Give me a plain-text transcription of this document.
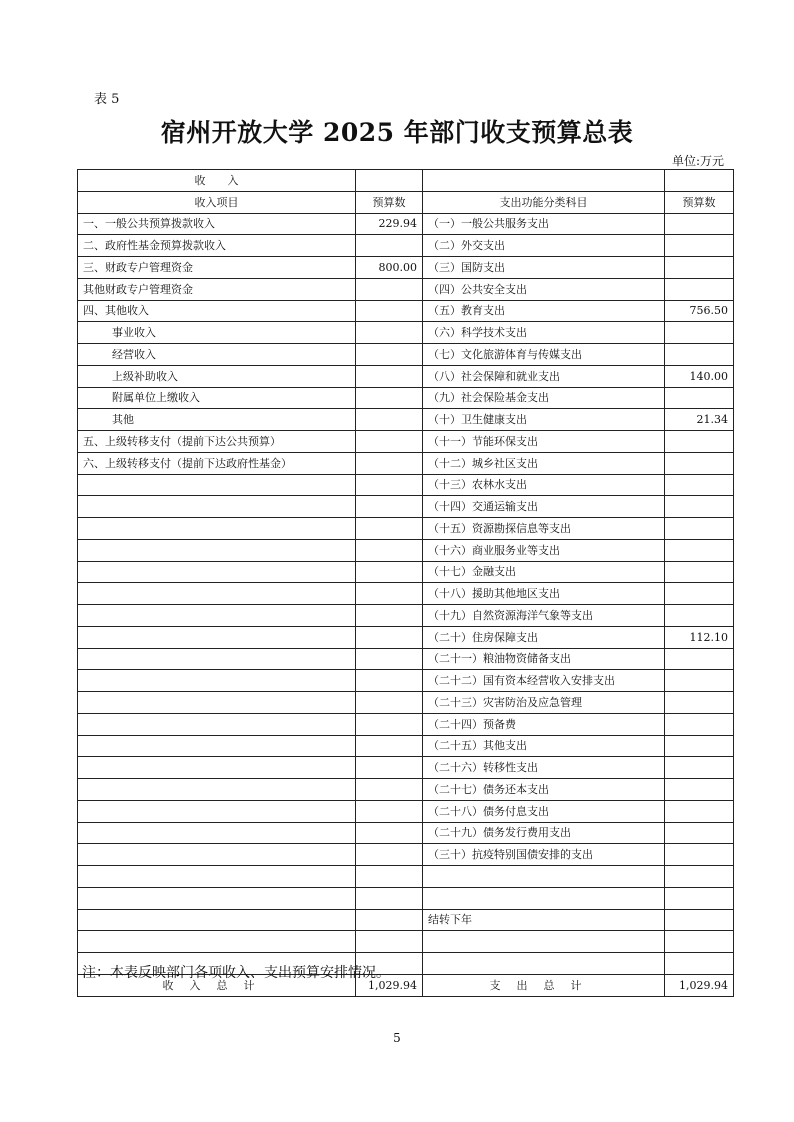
表 5
宿州开放大学 2025 年部门收支预算总表
单位:万元
收　　入			
收入项目	预算数	支出功能分类科目	预算数
一、一般公共预算拨款收入	229.94	（一）一般公共服务支出	
二、政府性基金预算拨款收入		（二）外交支出	
三、财政专户管理资金	800.00	（三）国防支出	
其他财政专户管理资金		（四）公共安全支出	
四、其他收入		（五）教育支出	756.50
事业收入		（六）科学技术支出	
经营收入		（七）文化旅游体育与传媒支出	
上级补助收入		（八）社会保障和就业支出	140.00
附属单位上缴收入		（九）社会保险基金支出	
其他		（十）卫生健康支出	21.34
五、上级转移支付（提前下达公共预算）		（十一）节能环保支出	
六、上级转移支付（提前下达政府性基金）		（十二）城乡社区支出	
		（十三）农林水支出	
		（十四）交通运输支出	
		（十五）资源勘探信息等支出	
		（十六）商业服务业等支出	
		（十七）金融支出	
		（十八）援助其他地区支出	
		（十九）自然资源海洋气象等支出	
		（二十）住房保障支出	112.10
		（二十一）粮油物资储备支出	
		（二十二）国有资本经营收入安排支出	
		（二十三）灾害防治及应急管理	
		（二十四）预备费	
		（二十五）其他支出	
		（二十六）转移性支出	
		（二十七）债务还本支出	
		（二十八）债务付息支出	
		（二十九）债务发行费用支出	
		（三十）抗疫特别国债安排的支出	

		结转下年	

收入总计	1,029.94	支出总计	1,029.94
注：本表反映部门各项收入、支出预算安排情况。
5
